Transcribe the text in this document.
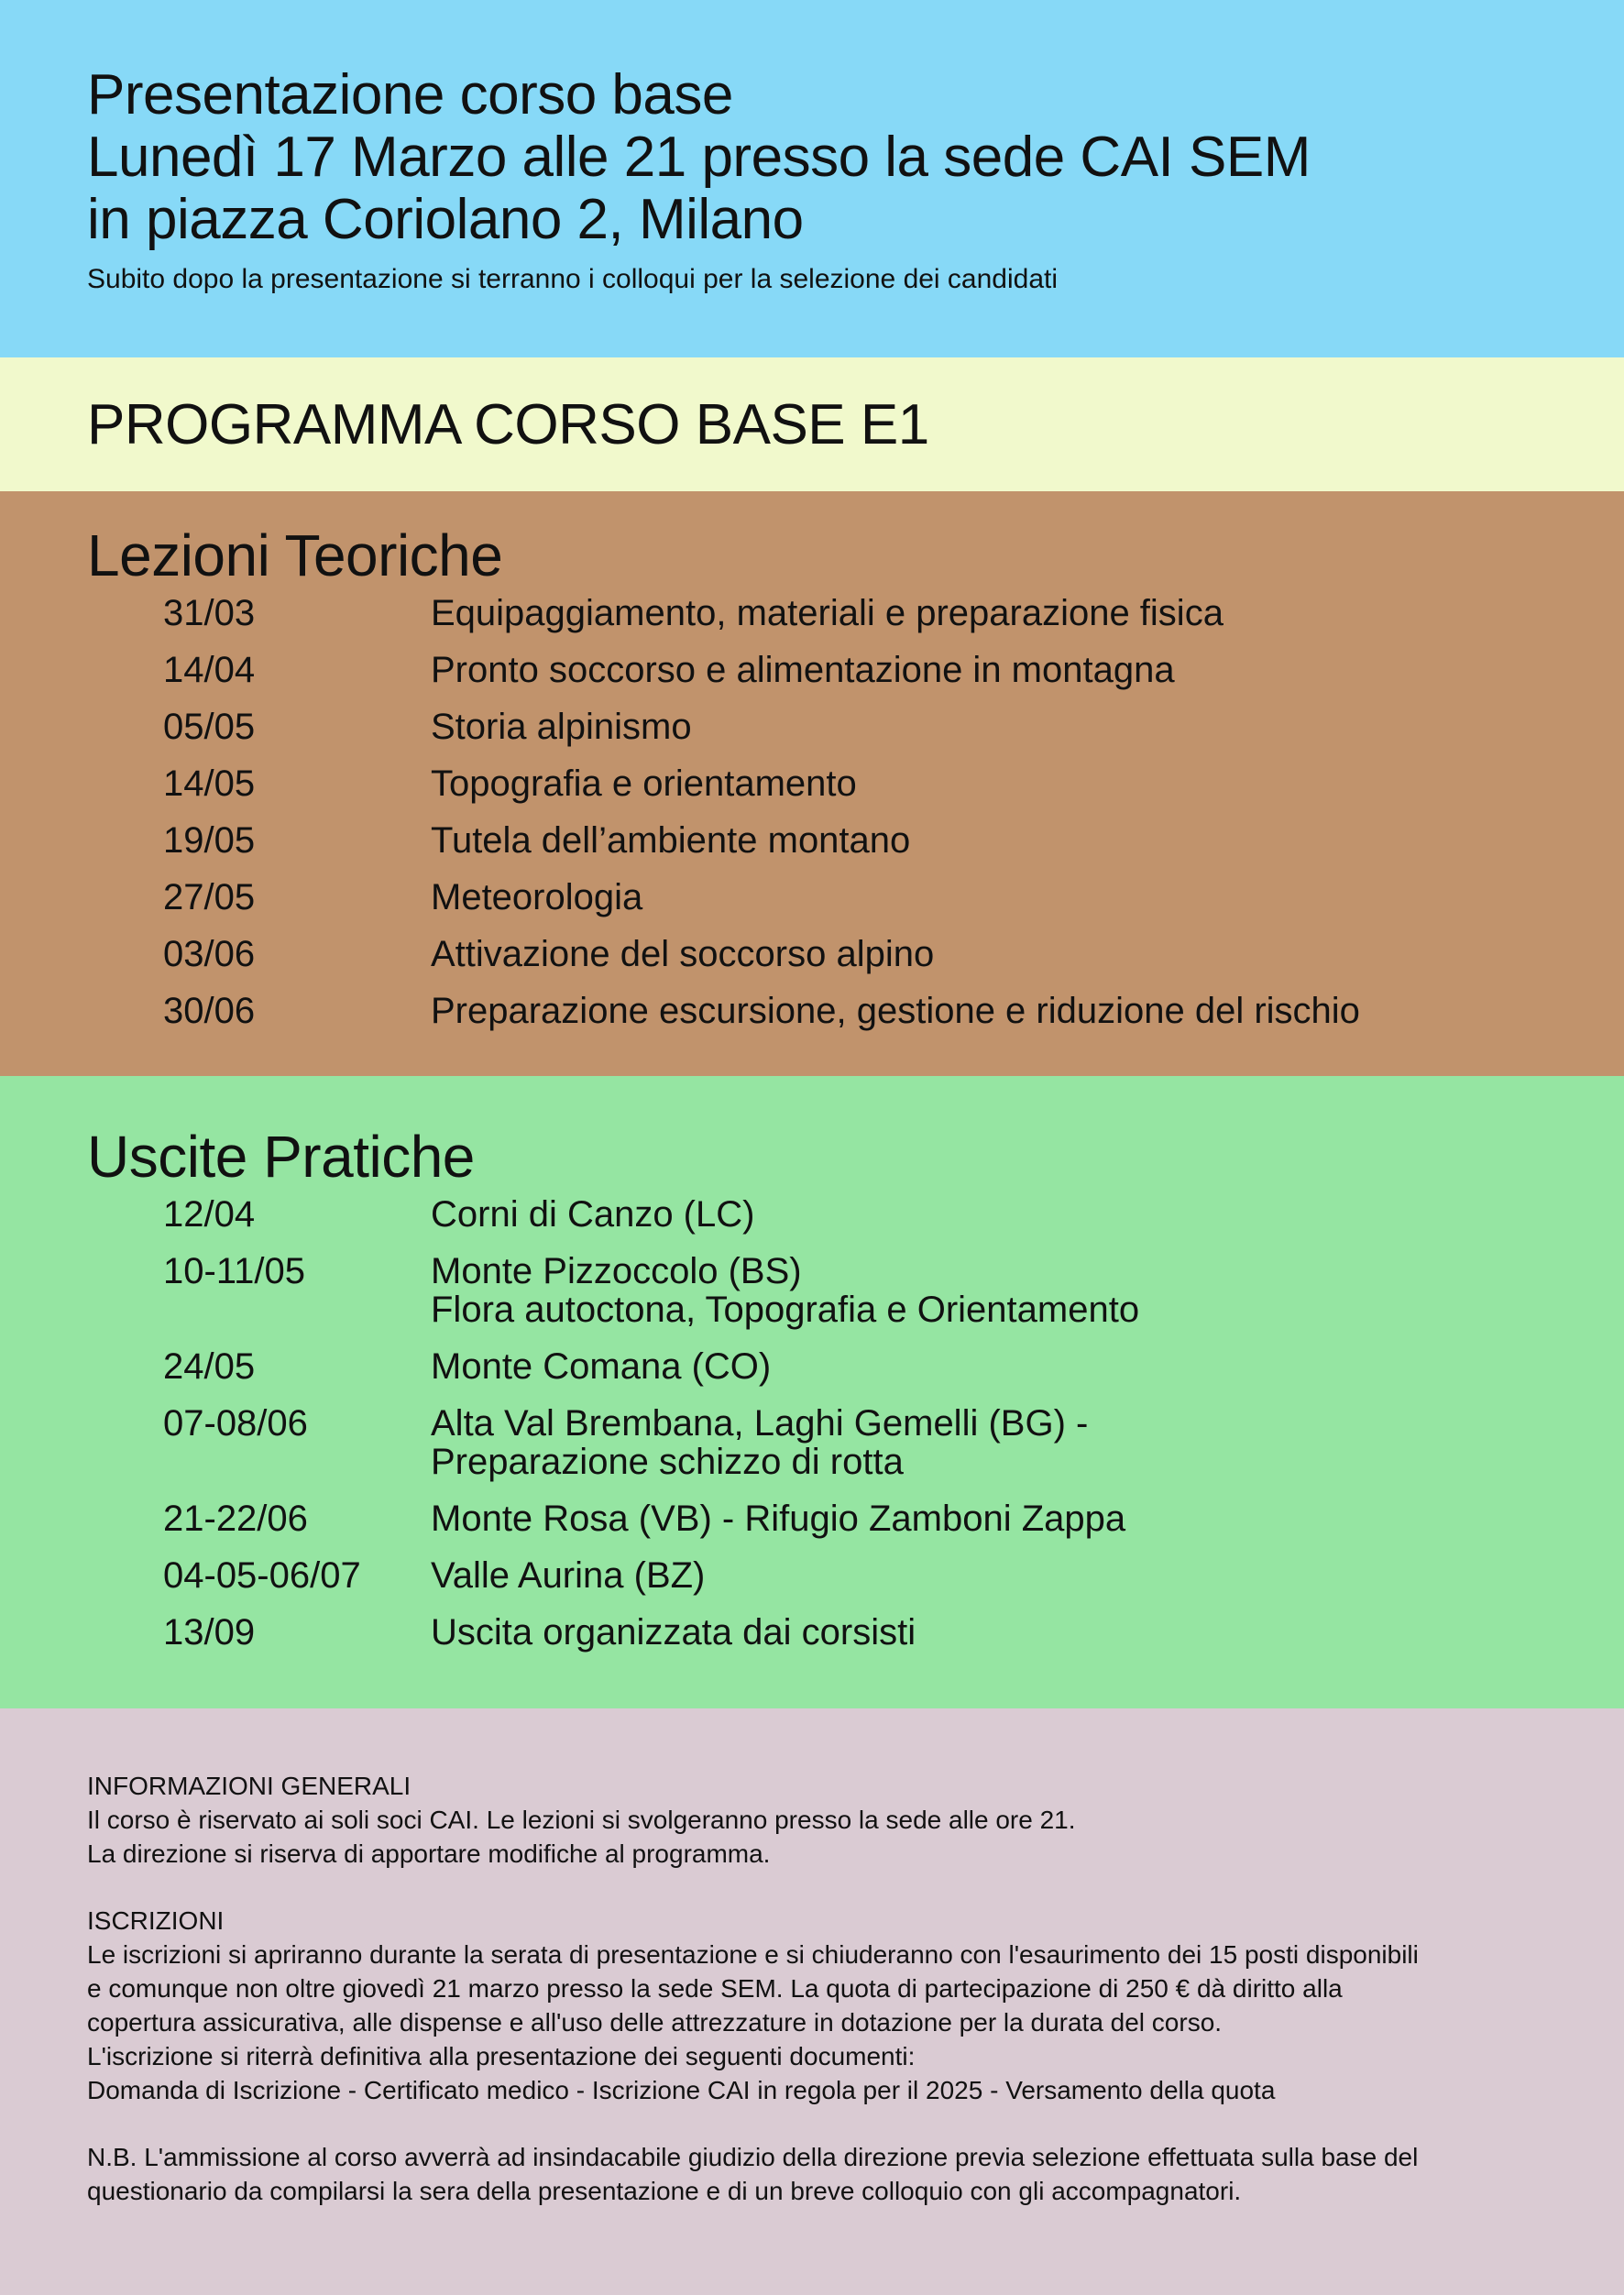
Presentazione corso base
Lunedì 17 Marzo alle 21 presso la sede CAI SEM
in piazza Coriolano 2, Milano
Subito dopo la presentazione si terranno i colloqui per la selezione dei candidati
PROGRAMMA CORSO BASE E1
Lezioni Teoriche
31/03	Equipaggiamento, materiali e preparazione fisica
14/04	Pronto soccorso e alimentazione in montagna
05/05	Storia alpinismo
14/05	Topografia e orientamento
19/05	Tutela dell’ambiente montano
27/05	Meteorologia
03/06	Attivazione del soccorso alpino
30/06	Preparazione escursione, gestione e riduzione del rischio
Uscite Pratiche
12/04	Corni di Canzo (LC)
10-11/05	Monte Pizzoccolo (BS)
Flora autoctona, Topografia e Orientamento
24/05	Monte Comana (CO)
07-08/06	Alta Val Brembana, Laghi Gemelli (BG) -
Preparazione schizzo di rotta
21-22/06	Monte Rosa (VB) - Rifugio Zamboni Zappa
04-05-06/07	Valle Aurina (BZ)
13/09	Uscita organizzata dai corsisti

INFORMAZIONI GENERALI

Il corso è riservato ai soli soci CAI. Le lezioni si svolgeranno presso la sede alle ore 21.

La direzione si riserva di apportare modifiche al programma.

ISCRIZIONI

Le iscrizioni si apriranno durante la serata di presentazione e si chiuderanno con l'esaurimento dei 15 posti disponibili

e comunque non oltre giovedì 21 marzo presso la sede SEM. La quota di partecipazione di 250 € dà diritto alla

copertura assicurativa, alle dispense e all'uso delle attrezzature in dotazione per la durata del corso.

L'iscrizione si riterrà definitiva alla presentazione dei seguenti documenti:

Domanda di Iscrizione - Certificato medico - Iscrizione CAI in regola per il 2025 - Versamento della quota

N.B. L'ammissione al corso avverrà ad insindacabile giudizio della direzione previa selezione effettuata sulla base del

questionario da compilarsi la sera della presentazione e di un breve colloquio con gli accompagnatori.
